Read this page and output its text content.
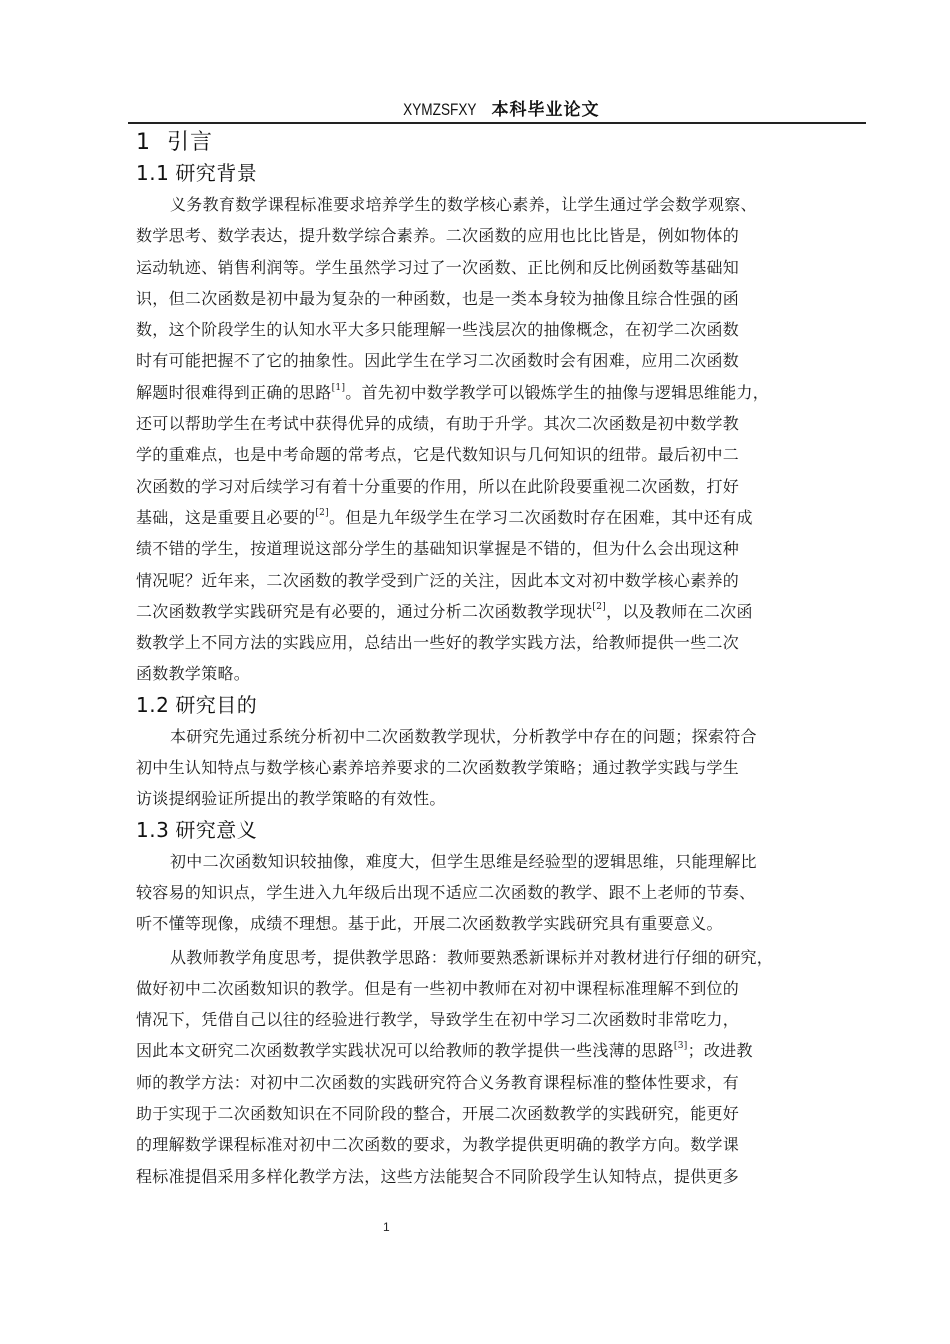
XYMZSFXY 本科毕业论文
1 引言
1.1 研究背景

义务教育数学课程标准要求培养学生的数学核心素养，让学生通过学会数学观察、
数学思考、数学表达，提升数学综合素养。二次函数的应用也比比皆是，例如物体的
运动轨迹、销售利润等。学生虽然学习过了一次函数、正比例和反比例函数等基础知
识，但二次函数是初中最为复杂的一种函数，也是一类本身较为抽像且综合性强的函
数，这个阶段学生的认知水平大多只能理解一些浅层次的抽像概念，在初学二次函数
时有可能把握不了它的抽象性。因此学生在学习二次函数时会有困难，应用二次函数
解题时很难得到正确的思路[1]。首先初中数学教学可以锻炼学生的抽像与逻辑思维能力，
还可以帮助学生在考试中获得优异的成绩，有助于升学。其次二次函数是初中数学教
学的重难点，也是中考命题的常考点，它是代数知识与几何知识的纽带。最后初中二
次函数的学习对后续学习有着十分重要的作用，所以在此阶段要重视二次函数，打好
基础，这是重要且必要的[2]。但是九年级学生在学习二次函数时存在困难，其中还有成
绩不错的学生，按道理说这部分学生的基础知识掌握是不错的，但为什么会出现这种
情况呢？近年来，二次函数的教学受到广泛的关注，因此本文对初中数学核心素养的
二次函数教学实践研究是有必要的，通过分析二次函数教学现状[2]，以及教师在二次函
数教学上不同方法的实践应用，总结出一些好的教学实践方法，给教师提供一些二次
函数教学策略。

1.2 研究目的

本研究先通过系统分析初中二次函数教学现状，分析教学中存在的问题；探索符合
初中生认知特点与数学核心素养培养要求的二次函数教学策略；通过教学实践与学生
访谈提纲验证所提出的教学策略的有效性。

1.3 研究意义

初中二次函数知识较抽像，难度大，但学生思维是经验型的逻辑思维，只能理解比
较容易的知识点，学生进入九年级后出现不适应二次函数的教学、跟不上老师的节奏、
听不懂等现像，成绩不理想。基于此，开展二次函数教学实践研究具有重要意义。

从教师教学角度思考，提供教学思路：教师要熟悉新课标并对教材进行仔细的研究，
做好初中二次函数知识的教学。但是有一些初中教师在对初中课程标准理解不到位的
情况下，凭借自己以往的经验进行教学，导致学生在初中学习二次函数时非常吃力，
因此本文研究二次函数教学实践状况可以给教师的教学提供一些浅薄的思路[3]；改进教
师的教学方法：对初中二次函数的实践研究符合义务教育课程标准的整体性要求，有
助于实现于二次函数知识在不同阶段的整合，开展二次函数教学的实践研究，能更好
的理解数学课程标准对初中二次函数的要求，为教学提供更明确的教学方向。数学课
程标准提倡采用多样化教学方法，这些方法能契合不同阶段学生认知特点，提供更多

1
